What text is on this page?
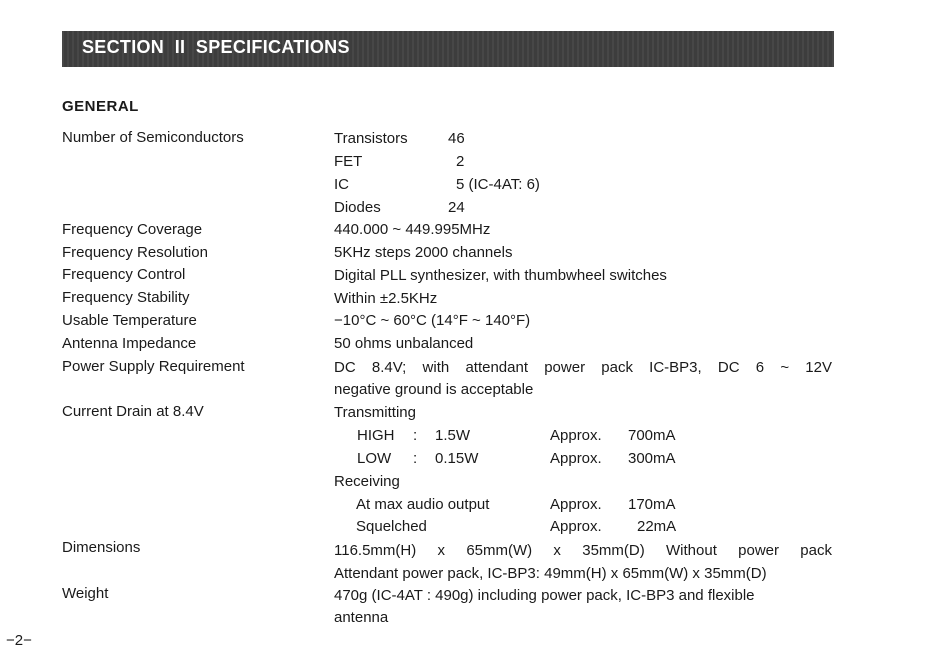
SECTION  II  SPECIFICATIONS
GENERAL
Number of Semiconductors	Transistors	46
FET	2
IC	5 (IC-4AT: 6)
Diodes	24
Frequency Coverage	440.000 ~ 449.995MHz
Frequency Resolution	5KHz steps 2000 channels
Frequency Control	Digital PLL synthesizer, with thumbwheel switches
Frequency Stability	Within ±2.5KHz
Usable Temperature	−10°C ~ 60°C (14°F ~ 140°F)
Antenna Impedance	50 ohms unbalanced
Power Supply Requirement	DC 8.4V; with attendant power pack IC-BP3, DC 6 ~ 12V
negative ground is acceptable
Current Drain at 8.4V	Transmitting
HIGH : 1.5W	Approx. 700mA
LOW : 0.15W	Approx. 300mA
Receiving
At max audio output	Approx. 170mA
Squelched	Approx. 22mA
Dimensions	116.5mm(H) x 65mm(W) x 35mm(D) Without power pack
Attendant power pack, IC-BP3: 49mm(H) x 65mm(W) x 35mm(D)
Weight	470g (IC-4AT : 490g) including power pack, IC-BP3 and flexible
antenna
−2−
